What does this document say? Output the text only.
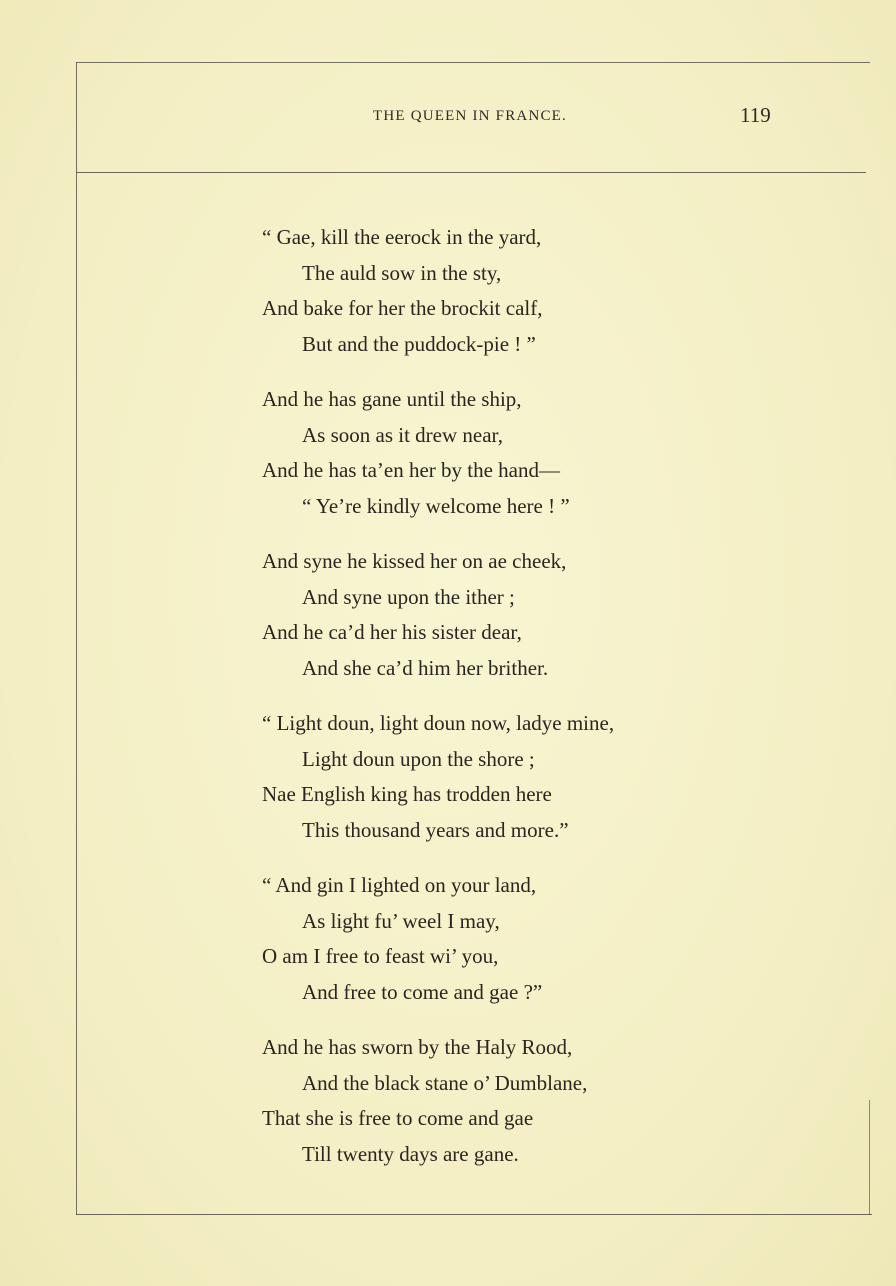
THE QUEEN IN FRANCE.	119
“ Gae, kill the eerock in the yard,
The auld sow in the sty,
And bake for her the brockit calf,
But and the puddock-pie ! ”
And he has gane until the ship,
As soon as it drew near,
And he has ta’en her by the hand—
“ Ye’re kindly welcome here ! ”
And syne he kissed her on ae cheek,
And syne upon the ither ;
And he ca’d her his sister dear,
And she ca’d him her brither.
“ Light doun, light doun now, ladye mine,
Light doun upon the shore ;
Nae English king has trodden here
This thousand years and more.”
“ And gin I lighted on your land,
As light fu’ weel I may,
O am I free to feast wi’ you,
And free to come and gae ?”
And he has sworn by the Haly Rood,
And the black stane o’ Dumblane,
That she is free to come and gae
Till twenty days are gane.
